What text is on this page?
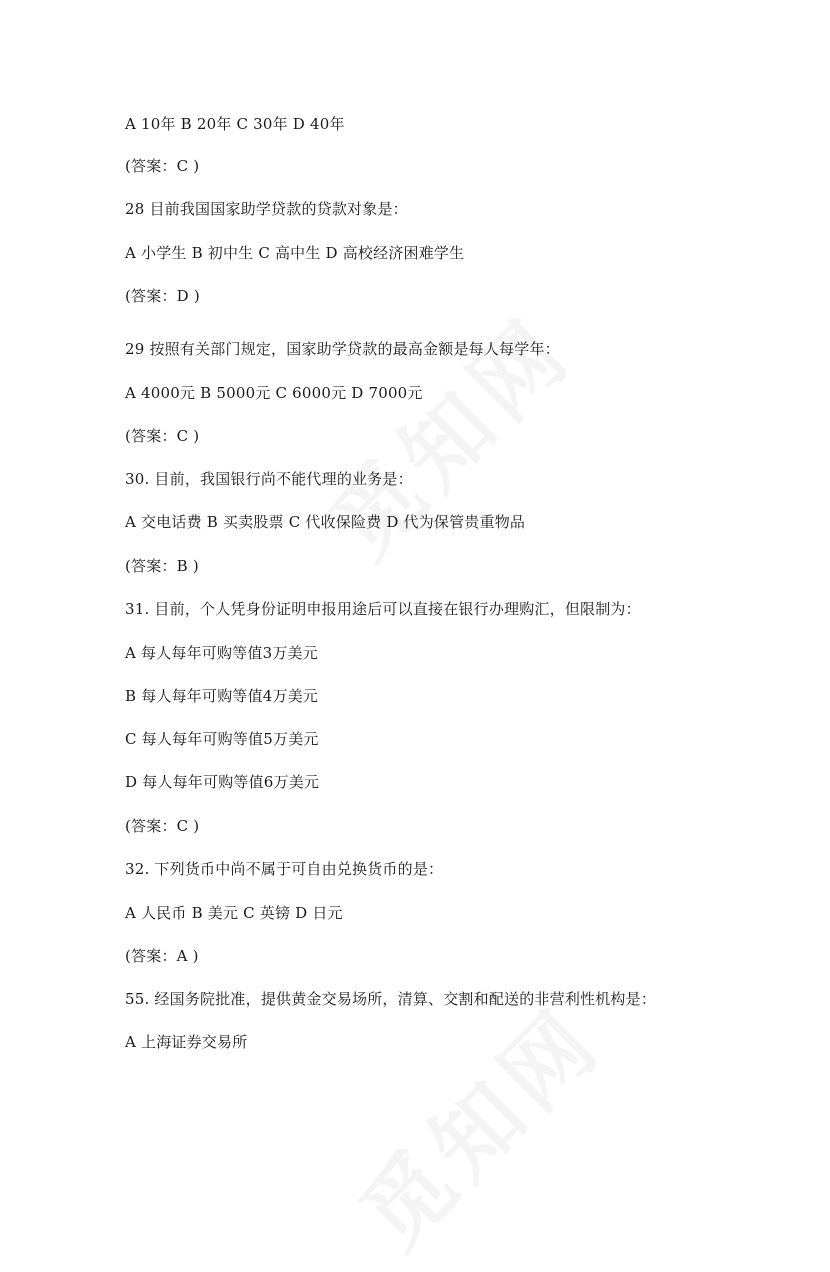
A 10年 B 20年 C 30年 D 40年
(答案：C )
28 目前我国国家助学贷款的贷款对象是：
A 小学生 B 初中生 C 高中生 D 高校经济困难学生
(答案：D )
29 按照有关部门规定，国家助学贷款的最高金额是每人每学年：
A 4000元 B 5000元 C 6000元 D 7000元
(答案：C )
30. 目前，我国银行尚不能代理的业务是：
A 交电话费 B 买卖股票 C 代收保险费 D 代为保管贵重物品
(答案：B )
31. 目前，个人凭身份证明申报用途后可以直接在银行办理购汇，但限制为：
A 每人每年可购等值3万美元
B 每人每年可购等值4万美元
C 每人每年可购等值5万美元
D 每人每年可购等值6万美元
(答案：C )
32. 下列货币中尚不属于可自由兑换货币的是：
A 人民币 B 美元 C 英镑 D 日元
(答案：A )
55. 经国务院批准，提供黄金交易场所，清算、交割和配送的非营利性机构是：
A 上海证券交易所
